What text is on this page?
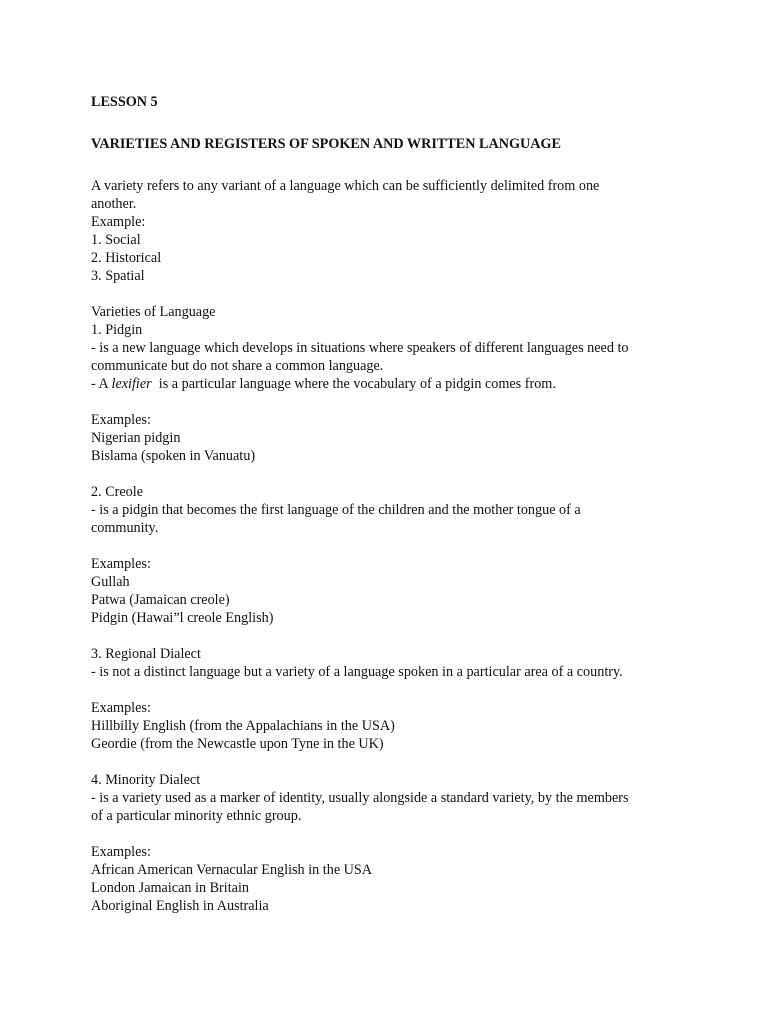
LESSON 5
VARIETIES AND REGISTERS OF SPOKEN AND WRITTEN LANGUAGE
A variety refers to any variant of a language which can be sufficiently delimited from one
another.
Example:
1. Social
2. Historical
3. Spatial
Varieties of Language
1. Pidgin
- is a new language which develops in situations where speakers of different languages need to
communicate but do not share a common language.
- A lexifier  is a particular language where the vocabulary of a pidgin comes from.
Examples:
Nigerian pidgin
Bislama (spoken in Vanuatu)
2. Creole
- is a pidgin that becomes the first language of the children and the mother tongue of a
community.
Examples:
Gullah
Patwa (Jamaican creole)
Pidgin (Hawai”l creole English)
3. Regional Dialect
- is not a distinct language but a variety of a language spoken in a particular area of a country.
Examples:
Hillbilly English (from the Appalachians in the USA)
Geordie (from the Newcastle upon Tyne in the UK)
4. Minority Dialect
- is a variety used as a marker of identity, usually alongside a standard variety, by the members
of a particular minority ethnic group.
Examples:
African American Vernacular English in the USA
London Jamaican in Britain
Aboriginal English in Australia
